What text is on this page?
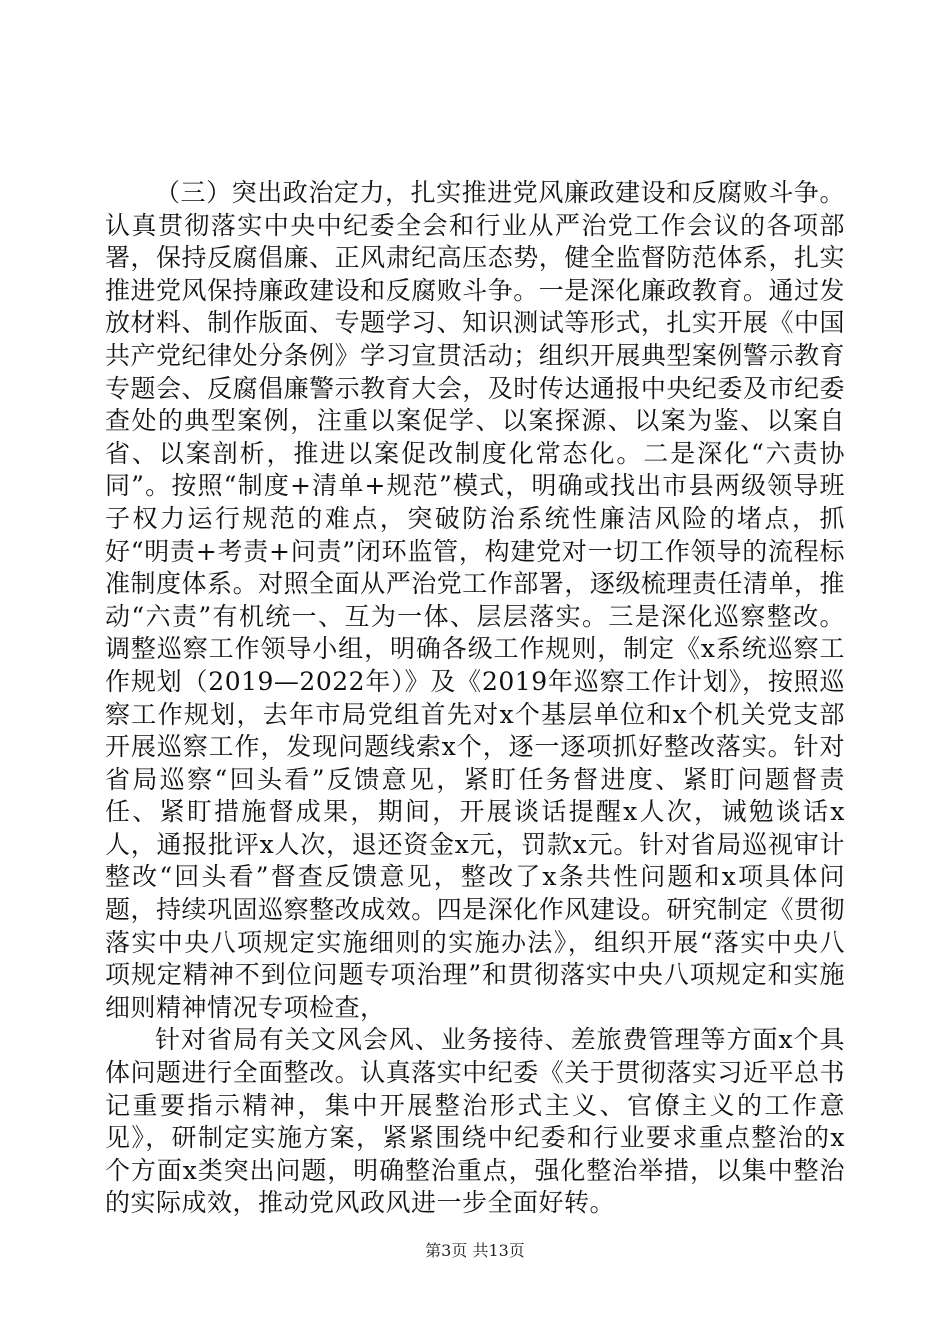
（三）突出政治定力，扎实推进党风廉政建设和反腐败斗争。认真贯彻落实中央中纪委全会和行业从严治党工作会议的各项部署，保持反腐倡廉、正风肃纪高压态势，健全监督防范体系，扎实推进党风保持廉政建设和反腐败斗争。一是深化廉政教育。通过发放材料、制作版面、专题学习、知识测试等形式，扎实开展《中国共产党纪律处分条例》学习宣贯活动；组织开展典型案例警示教育专题会、反腐倡廉警示教育大会，及时传达通报中央纪委及市纪委查处的典型案例，注重以案促学、以案探源、以案为鉴、以案自省、以案剖析，推进以案促改制度化常态化。二是深化“六责协同”。按照“制度+清单+规范”模式，明确或找出市县两级领导班子权力运行规范的难点，突破防治系统性廉洁风险的堵点，抓好“明责+考责+问责”闭环监管，构建党对一切工作领导的流程标准制度体系。对照全面从严治党工作部署，逐级梳理责任清单，推动“六责”有机统一、互为一体、层层落实。三是深化巡察整改。调整巡察工作领导小组，明确各级工作规则，制定《x系统巡察工作规划（2019—2022年）》及《2019年巡察工作计划》，按照巡察工作规划，去年市局党组首先对x个基层单位和x个机关党支部开展巡察工作，发现问题线索x个，逐一逐项抓好整改落实。针对省局巡察“回头看”反馈意见，紧盯任务督进度、紧盯问题督责任、紧盯措施督成果，期间，开展谈话提醒x人次，诫勉谈话x人，通报批评x人次，退还资金x元，罚款x元。针对省局巡视审计整改“回头看”督查反馈意见，整改了x条共性问题和x项具体问题，持续巩固巡察整改成效。四是深化作风建设。研究制定《贯彻落实中央八项规定实施细则的实施办法》，组织开展“落实中央八项规定精神不到位问题专项治理”和贯彻落实中央八项规定和实施细则精神情况专项检查，

针对省局有关文风会风、业务接待、差旅费管理等方面x个具体问题进行全面整改。认真落实中纪委《关于贯彻落实习近平总书记重要指示精神，集中开展整治形式主义、官僚主义的工作意见》，研制定实施方案，紧紧围绕中纪委和行业要求重点整治的x个方面x类突出问题，明确整治重点，强化整治举措，以集中整治的实际成效，推动党风政风进一步全面好转。

第3页 共13页
